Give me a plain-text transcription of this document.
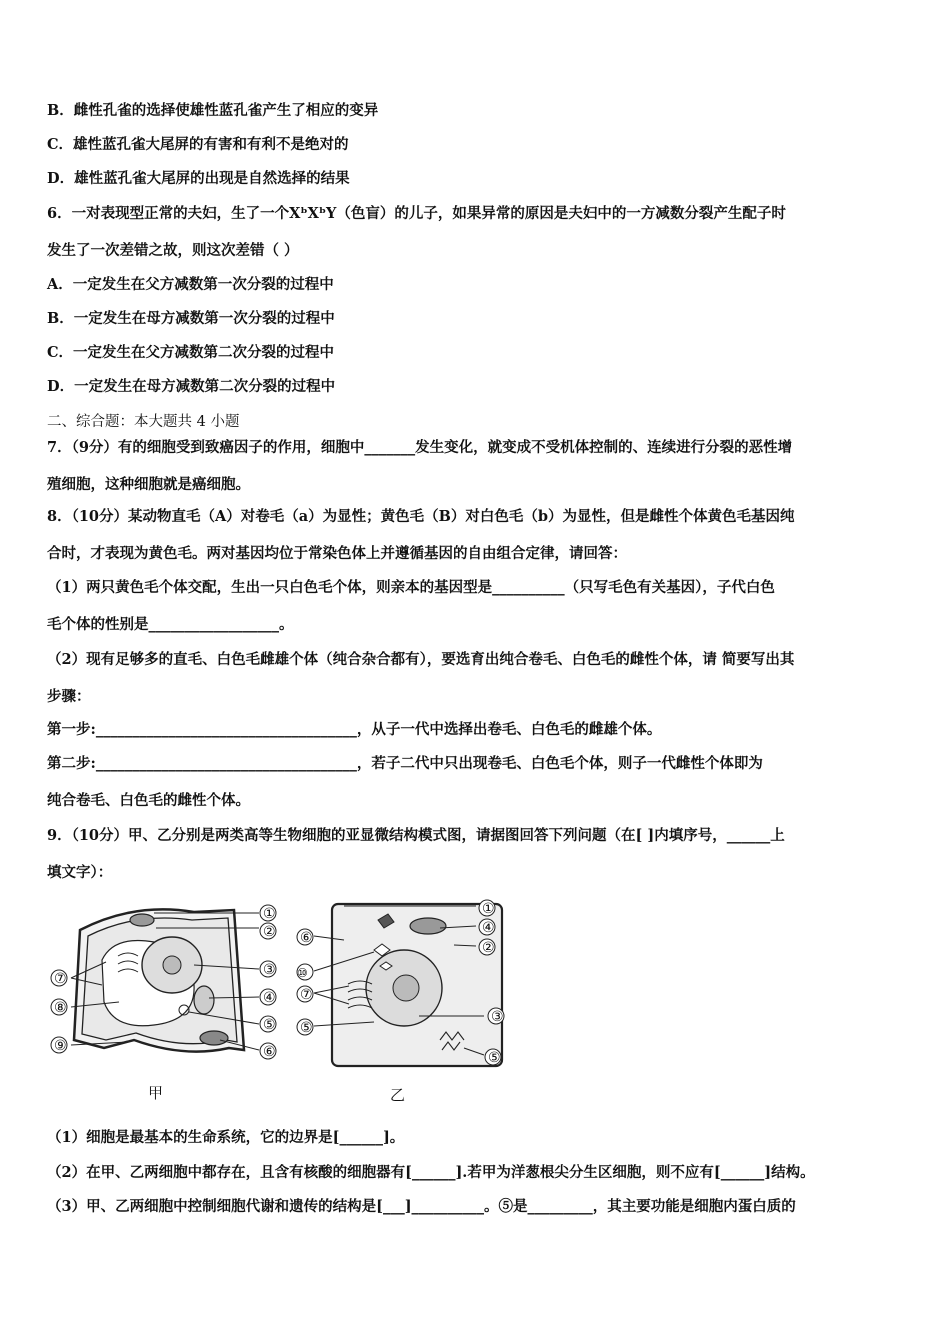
B．雌性孔雀的选择使雄性蓝孔雀产生了相应的变异
C．雄性蓝孔雀大尾屏的有害和有利不是绝对的
D．雄性蓝孔雀大尾屏的出现是自然选择的结果
6．一对表现型正常的夫妇，生了一个XᵇXᵇY（色盲）的儿子，如果异常的原因是夫妇中的一方减数分裂产生配子时
发生了一次差错之故，则这次差错（ ）
A．一定发生在父方减数第一次分裂的过程中
B．一定发生在母方减数第一次分裂的过程中
C．一定发生在父方减数第二次分裂的过程中
D．一定发生在母方减数第二次分裂的过程中
二、综合题：本大题共 4 小题
7．（9分）有的细胞受到致癌因子的作用，细胞中_______发生变化，就变成不受机体控制的、连续进行分裂的恶性增
殖细胞，这种细胞就是癌细胞。
8．（10分）某动物直毛（A）对卷毛（a）为显性；黄色毛（B）对白色毛（b）为显性，但是雌性个体黄色毛基因纯
合时，才表现为黄色毛。两对基因均位于常染色体上并遵循基因的自由组合定律，请回答：
（1）两只黄色毛个体交配，生出一只白色毛个体，则亲本的基因型是__________（只写毛色有关基因），子代白色
毛个体的性别是__________________。
（2）现有足够多的直毛、白色毛雌雄个体（纯合杂合都有），要选育出纯合卷毛、白色毛的雌性个体，请 简要写出其
步骤：
第一步:____________________________________，从子一代中选择出卷毛、白色毛的雌雄个体。
第二步:____________________________________，若子二代中只出现卷毛、白色毛个体，则子一代雌性个体即为
纯合卷毛、白色毛的雌性个体。
9．（10分）甲、乙分别是两类高等生物细胞的亚显微结构模式图，请据图回答下列问题（在[ ]内填序号，______上
填文字）：
①
②
③
④
⑤
⑥
⑦
⑧
⑨
甲
①
④
②
⑥
⑩
⑦
③
⑤
⑤
乙
（1）细胞是最基本的生命系统，它的边界是[______]。
（2）在甲、乙两细胞中都存在，且含有核酸的细胞器有[______].若甲为洋葱根尖分生区细胞，则不应有[______]结构。
（3）甲、乙两细胞中控制细胞代谢和遗传的结构是[___]__________。⑤是_________，其主要功能是细胞内蛋白质的
